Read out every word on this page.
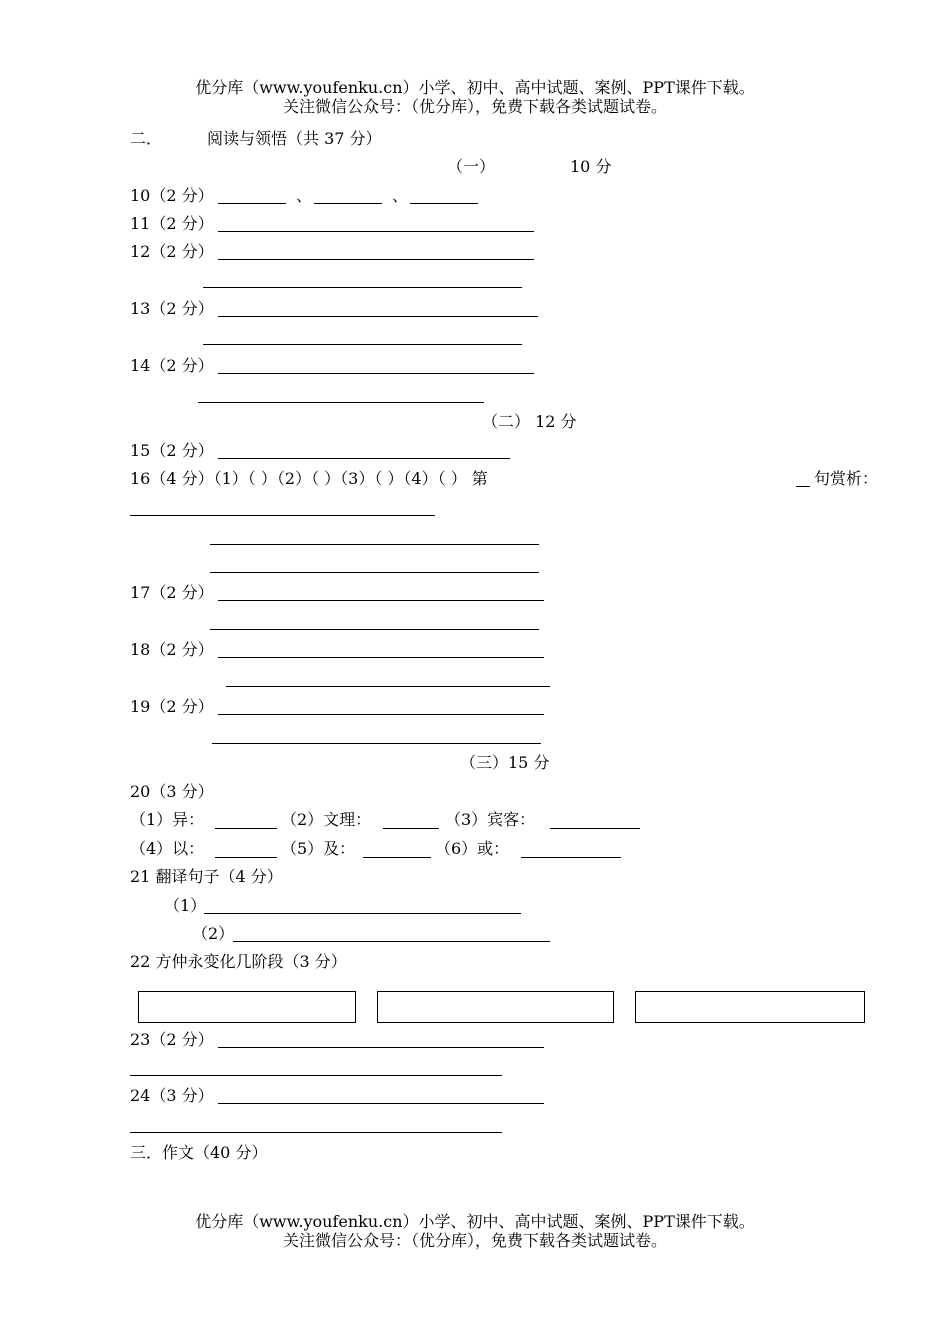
优分库（www.youfenku.cn）小学、初中、高中试题、案例、PPT课件下载。
关注微信公众号：（优分库），免费下载各类试题试卷。
二．	阅读与领悟（共 37 分）
（一）	10 分
10（2 分）	、	、
11（2 分）
12（2 分）
13（2 分）
14（2 分）
（二） 12 分
15（2 分）
16（4 分）（1）（ ）（2）（ ）（3）（ ）（4）（ ） 第	句赏析：
17（2 分）
18（2 分）
19（2 分）
（三）15 分
20（3 分）
（1）异：	（2）文理：	（3）宾客：
（4）以：	（5）及：	（6）或：
21 翻译句子（4 分）
（1）
（2）
22 方仲永变化几阶段（3 分）
23（2 分）
24（3 分）
三．作文（40 分）
优分库（www.youfenku.cn）小学、初中、高中试题、案例、PPT课件下载。
关注微信公众号：（优分库），免费下载各类试题试卷。
